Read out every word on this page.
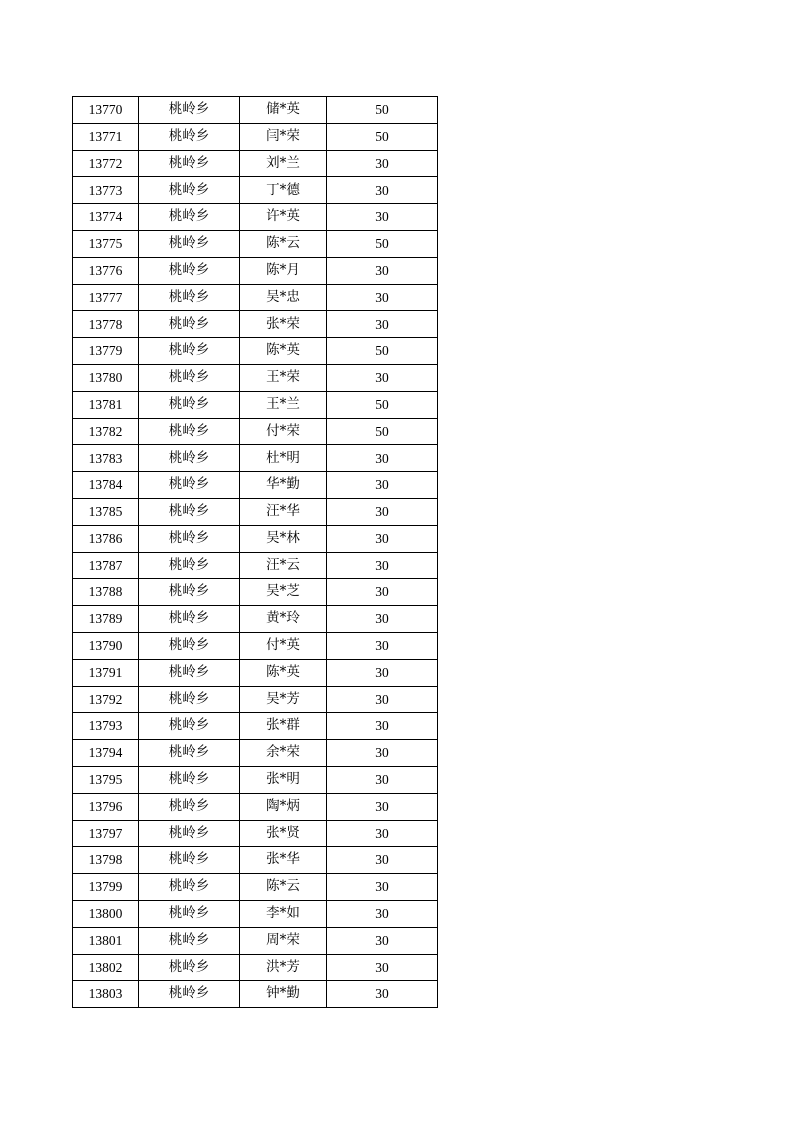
13770	桃岭乡	储*英	50
13771	桃岭乡	闫*荣	50
13772	桃岭乡	刘*兰	30
13773	桃岭乡	丁*德	30
13774	桃岭乡	许*英	30
13775	桃岭乡	陈*云	50
13776	桃岭乡	陈*月	30
13777	桃岭乡	吴*忠	30
13778	桃岭乡	张*荣	30
13779	桃岭乡	陈*英	50
13780	桃岭乡	王*荣	30
13781	桃岭乡	王*兰	50
13782	桃岭乡	付*荣	50
13783	桃岭乡	杜*明	30
13784	桃岭乡	华*勤	30
13785	桃岭乡	汪*华	30
13786	桃岭乡	吴*林	30
13787	桃岭乡	汪*云	30
13788	桃岭乡	吴*芝	30
13789	桃岭乡	黄*玲	30
13790	桃岭乡	付*英	30
13791	桃岭乡	陈*英	30
13792	桃岭乡	吴*芳	30
13793	桃岭乡	张*群	30
13794	桃岭乡	余*荣	30
13795	桃岭乡	张*明	30
13796	桃岭乡	陶*炳	30
13797	桃岭乡	张*贤	30
13798	桃岭乡	张*华	30
13799	桃岭乡	陈*云	30
13800	桃岭乡	李*如	30
13801	桃岭乡	周*荣	30
13802	桃岭乡	洪*芳	30
13803	桃岭乡	钟*勤	30
